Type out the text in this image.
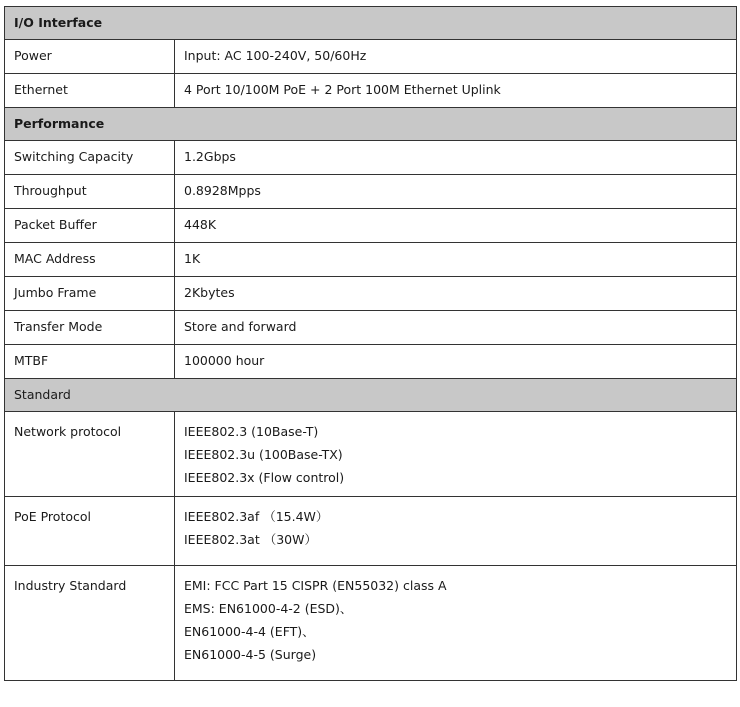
I/O Interface	
Power	Input: AC 100-240V, 50/60Hz
Ethernet	4 Port 10/100M PoE + 2 Port 100M Ethernet Uplink
Performance	
Switching Capacity	1.2Gbps
Throughput	0.8928Mpps
Packet Buffer	448K
MAC Address	1K
Jumbo Frame	2Kbytes
Transfer Mode	Store and forward
MTBF	100000 hour
Standard	
Network protocol	IEEE802.3 (10Base-T)
IEEE802.3u (100Base-TX)
IEEE802.3x (Flow control)

PoE Protocol	IEEE802.3af （15.4W）
IEEE802.3at （30W）

Industry Standard	EMI: FCC Part 15 CISPR (EN55032) class A
EMS: EN61000-4-2 (ESD)、
EN61000-4-4 (EFT)、
EN61000-4-5 (Surge)
